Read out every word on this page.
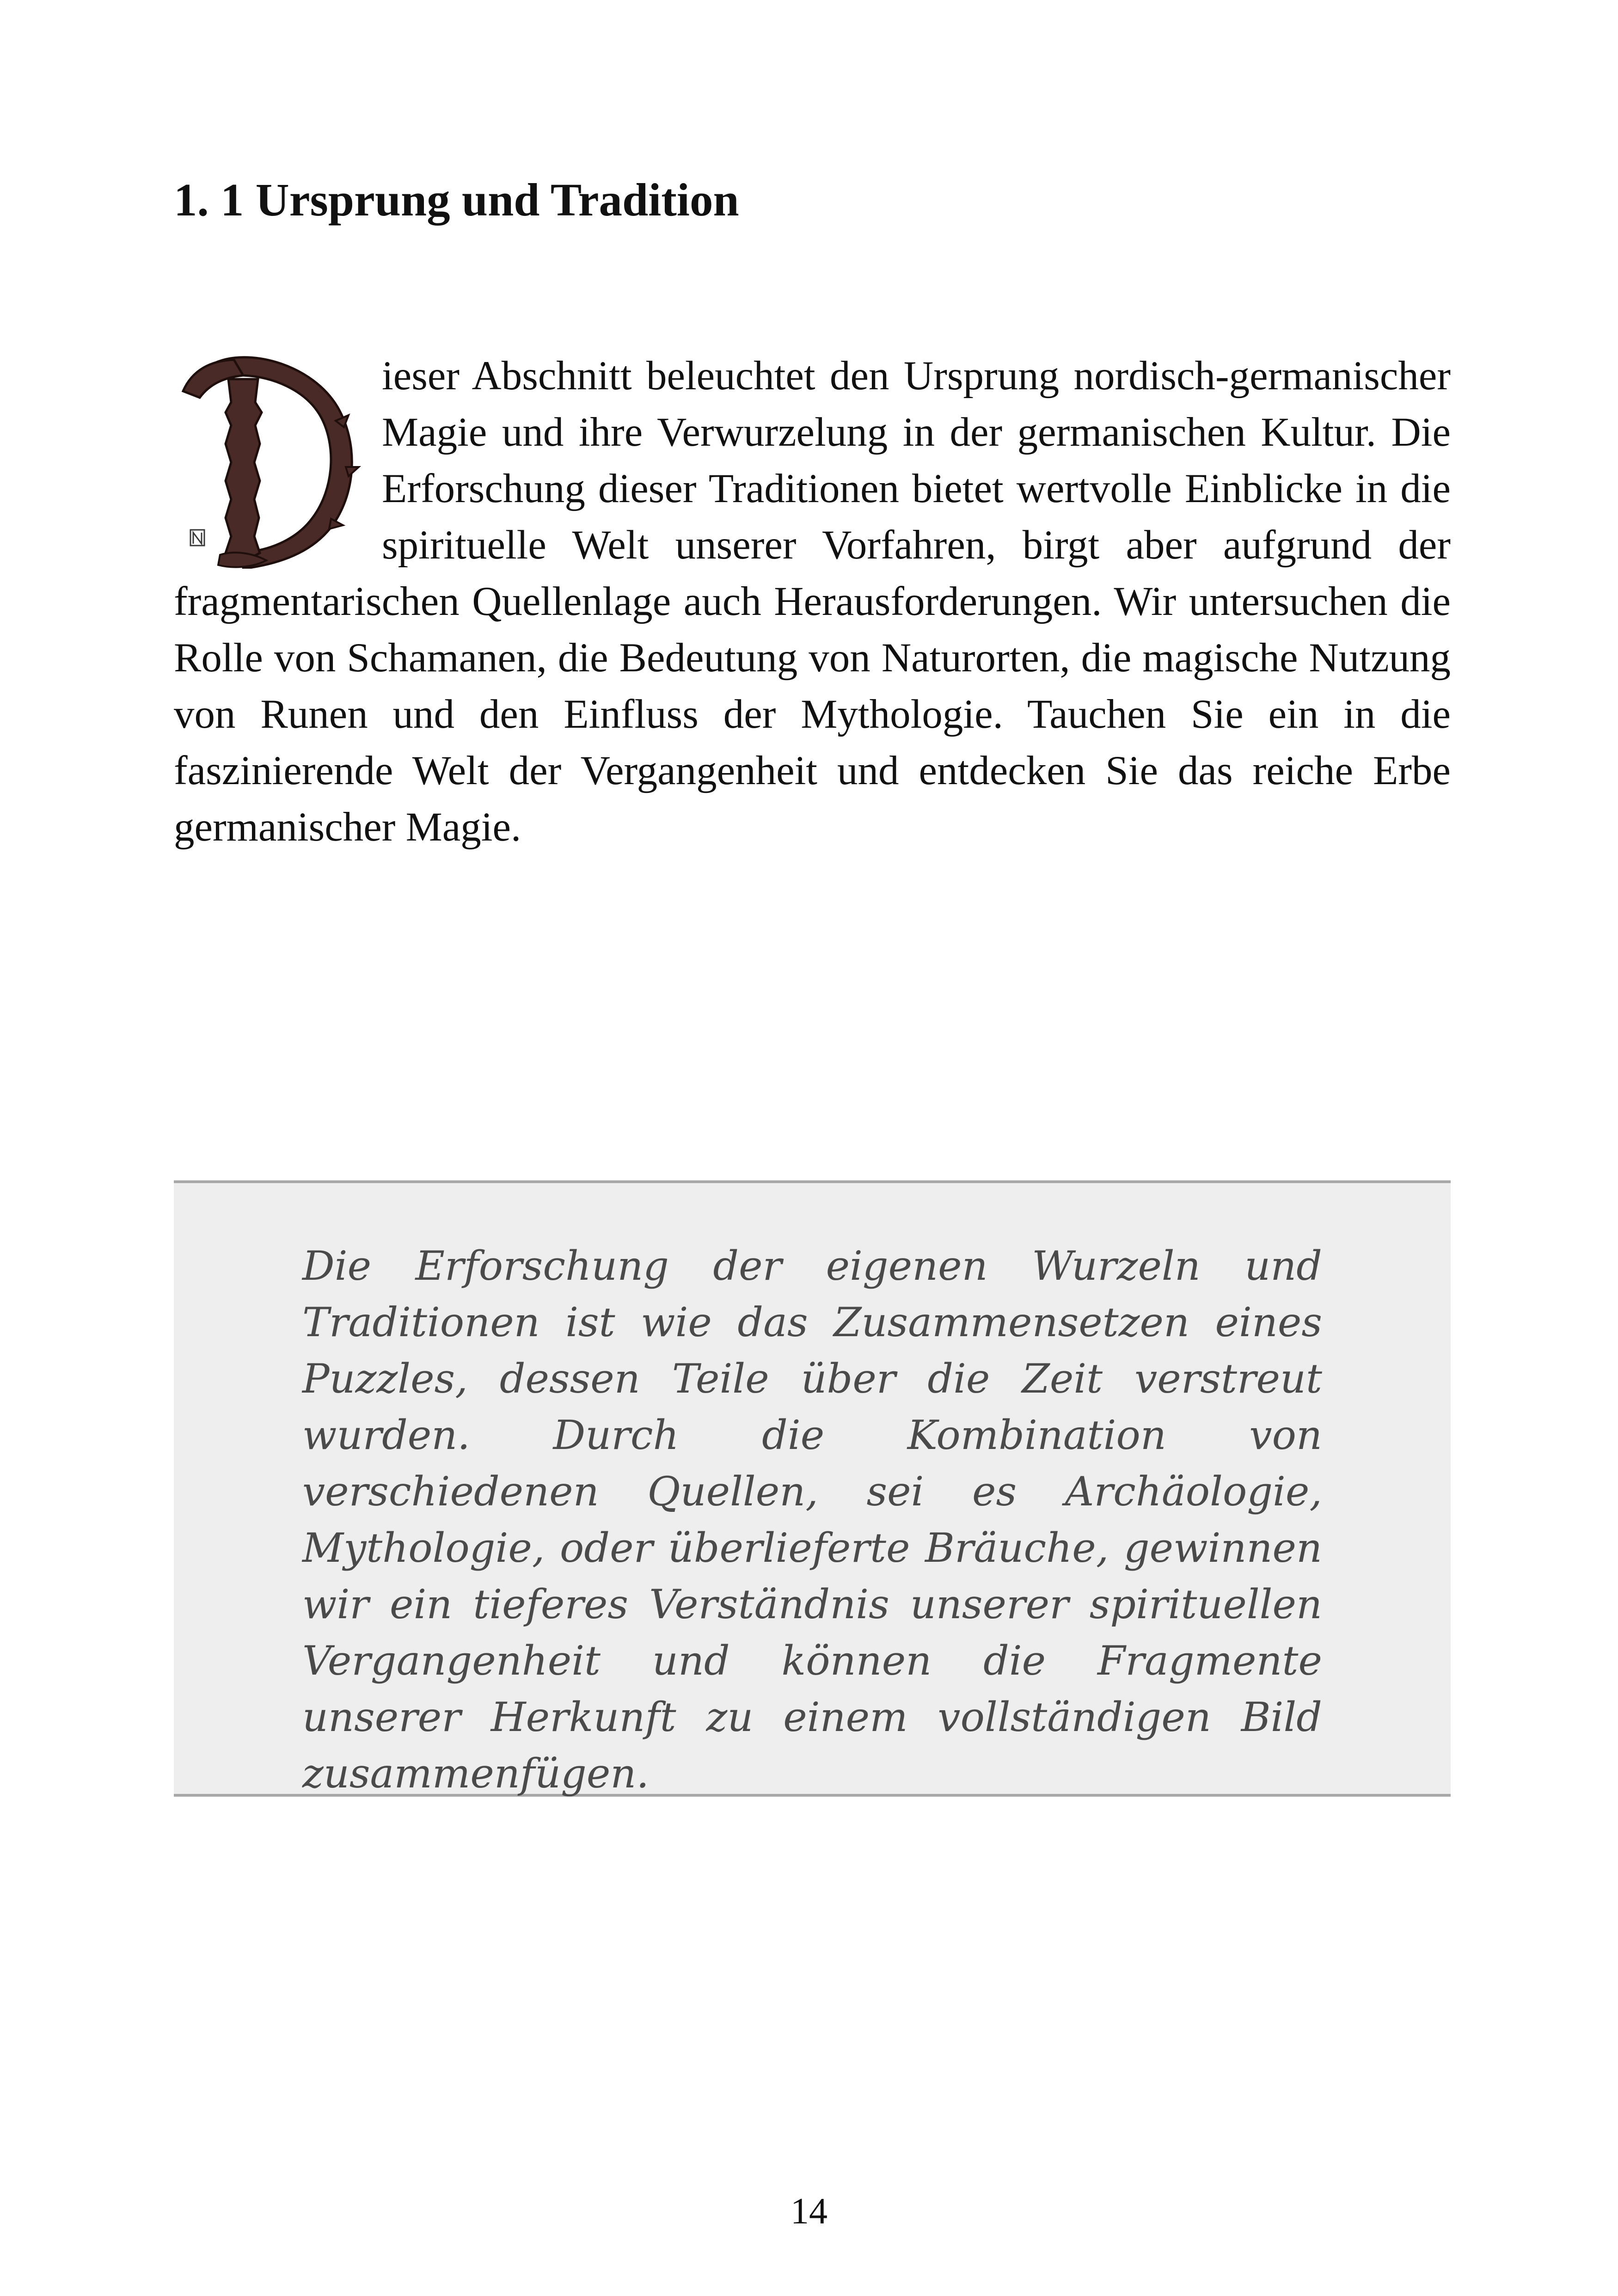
1. 1 Ursprung und Tradition

ieser Abschnitt beleuchtet den Ursprung nordisch-germanischer Magie und ihre Verwurzelung in der germanischen Kultur. Die Erforschung dieser Traditionen bietet wertvolle Einblicke in die spirituelle Welt unserer Vorfahren, birgt aber aufgrund der fragmentarischen Quellenlage auch Herausforderungen. Wir untersuchen die Rolle von Schamanen, die Bedeutung von Naturorten, die magische Nutzung von Runen und den Einfluss der Mythologie. Tauchen Sie ein in die faszinierende Welt der Vergangenheit und entdecken Sie das reiche Erbe germanischer Magie.

Die Erforschung der eigenen Wurzeln und Traditionen ist wie das Zusammensetzen eines Puzzles, dessen Teile über die Zeit verstreut wurden. Durch die Kombination von verschiedenen Quellen, sei es Archäologie, Mythologie, oder überlieferte Bräuche, gewinnen wir ein tieferes Verständnis unserer spirituellen Vergangenheit und können die Fragmente unserer Herkunft zu einem vollständigen Bild zusammenfügen.

14
